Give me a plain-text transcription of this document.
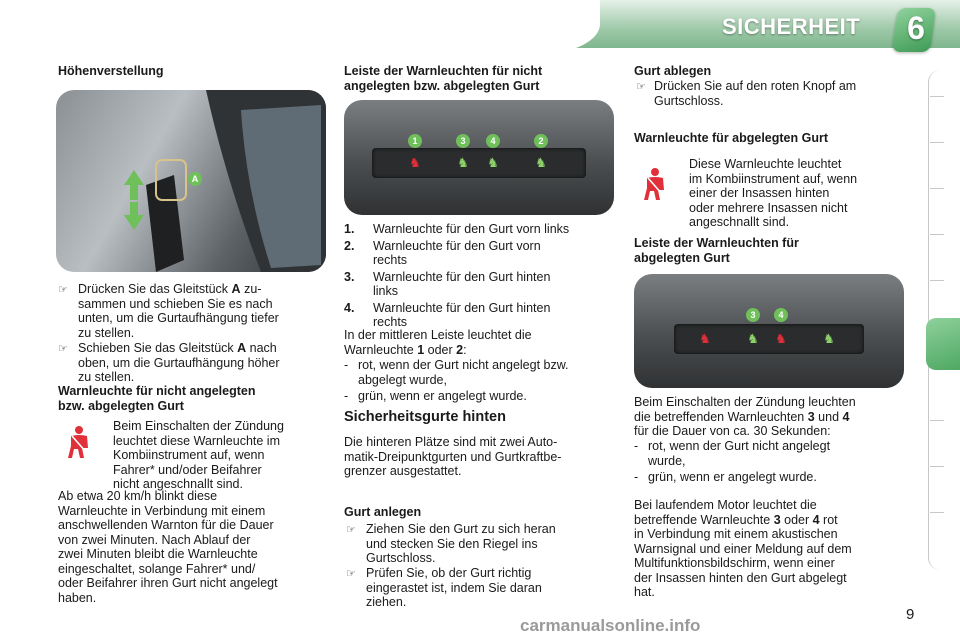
SICHERHEIT 6
Höhenverstellung
A
☞ Drücken Sie das Gleitstück A zu-
sammen und schieben Sie es nach
unten, um die Gurtaufhängung tiefer
zu stellen.
☞ Schieben Sie das Gleitstück A nach
oben, um die Gurtaufhängung höher
zu stellen.
Warnleuchte für nicht angelegten
bzw. abgelegten Gurt
Beim Einschalten der Zündung
leuchtet diese Warnleuchte im
Kombiinstrument auf, wenn
Fahrer* und/oder Beifahrer
nicht angeschnallt sind.
Ab etwa 20 km/h blinkt diese
Warnleuchte in Verbindung mit einem
anschwellenden Warnton für die Dauer
von zwei Minuten. Nach Ablauf der
zwei Minuten bleibt die Warnleuchte
eingeschaltet, solange Fahrer* und/
oder Beifahrer ihren Gurt nicht angelegt
haben.
Leiste der Warnleuchten für nicht
angelegten bzw. abgelegten Gurt
1	3	4	2
♞	♞ ♞	♞
1.	Warnleuchte für den Gurt vorn links
2.	Warnleuchte für den Gurt vorn
rechts
3.	Warnleuchte für den Gurt hinten
links
4.	Warnleuchte für den Gurt hinten
rechts
In der mittleren Leiste leuchtet die
Warnleuchte 1 oder 2:
- rot, wenn der Gurt nicht angelegt bzw.
abgelegt wurde,
- grün, wenn er angelegt wurde.
Sicherheitsgurte hinten
Die hinteren Plätze sind mit zwei Auto-
matik-Dreipunktgurten und Gurtkraftbe-
grenzer ausgestattet.
Gurt anlegen
☞ Ziehen Sie den Gurt zu sich heran
und stecken Sie den Riegel ins
Gurtschloss.
☞ Prüfen Sie, ob der Gurt richtig
eingerastet ist, indem Sie daran
ziehen.
Gurt ablegen
☞ Drücken Sie auf den roten Knopf am
Gurtschloss.
Warnleuchte für abgelegten Gurt
Diese Warnleuchte leuchtet
im Kombiinstrument auf, wenn
einer der Insassen hinten
oder mehrere Insassen nicht
angeschnallt sind.
Leiste der Warnleuchten für
abgelegten Gurt
3	4
♞	♞ ♞	♞
Beim Einschalten der Zündung leuchten
die betreffenden Warnleuchten 3 und 4
für die Dauer von ca. 30 Sekunden:
- rot, wenn der Gurt nicht angelegt
wurde,
- grün, wenn er angelegt wurde.
Bei laufendem Motor leuchtet die
betreffende Warnleuchte 3 oder 4 rot
in Verbindung mit einem akustischen
Warnsignal und einer Meldung auf dem
Multifunktionsbildschirm, wenn einer
der Insassen hinten den Gurt abgelegt
hat.
9
carmanualsonline.info
